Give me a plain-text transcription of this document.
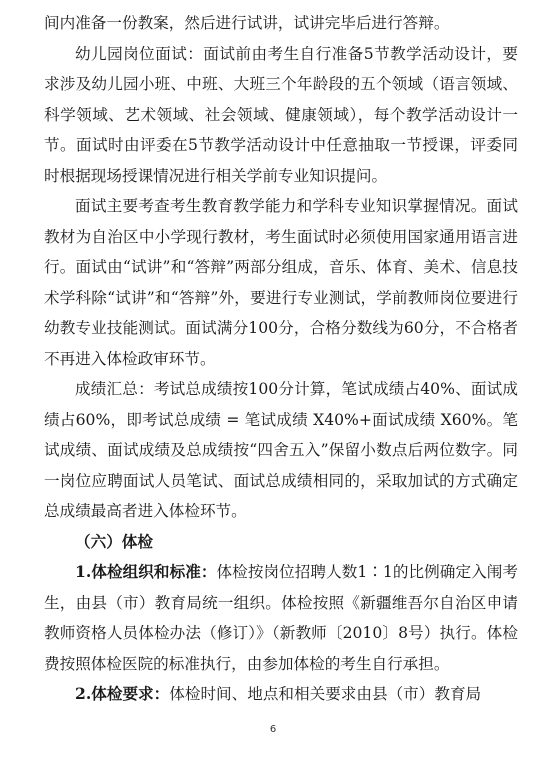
间内准备一份教案，然后进行试讲，试讲完毕后进行答辩。

幼儿园岗位面试：面试前由考生自行准备5节教学活动设计，要求涉及幼儿园小班、中班、大班三个年龄段的五个领域（语言领域、科学领域、艺术领域、社会领域、健康领域），每个教学活动设计一节。面试时由评委在5节教学活动设计中任意抽取一节授课，评委同时根据现场授课情况进行相关学前专业知识提问。

面试主要考查考生教育教学能力和学科专业知识掌握情况。面试教材为自治区中小学现行教材，考生面试时必须使用国家通用语言进行。面试由“试讲”和“答辩”两部分组成，音乐、体育、美术、信息技术学科除“试讲”和“答辩”外，要进行专业测试，学前教师岗位要进行幼教专业技能测试。面试满分100分，合格分数线为60分，不合格者不再进入体检政审环节。

成绩汇总：考试总成绩按100分计算，笔试成绩占40%、面试成绩占60%，即考试总成绩 = 笔试成绩 X40%+面试成绩 X60%。笔试成绩、面试成绩及总成绩按“四舍五入”保留小数点后两位数字。同一岗位应聘面试人员笔试、面试总成绩相同的，采取加试的方式确定总成绩最高者进入体检环节。

（六）体检

1.体检组织和标准：体检按岗位招聘人数1∶1的比例确定入闱考生，由县（市）教育局统一组织。体检按照《新疆维吾尔自治区申请教师资格人员体检办法（修订）》（新教师〔2010〕8号）执行。体检费按照体检医院的标准执行，由参加体检的考生自行承担。

2.体检要求：体检时间、地点和相关要求由县（市）教育局

6
